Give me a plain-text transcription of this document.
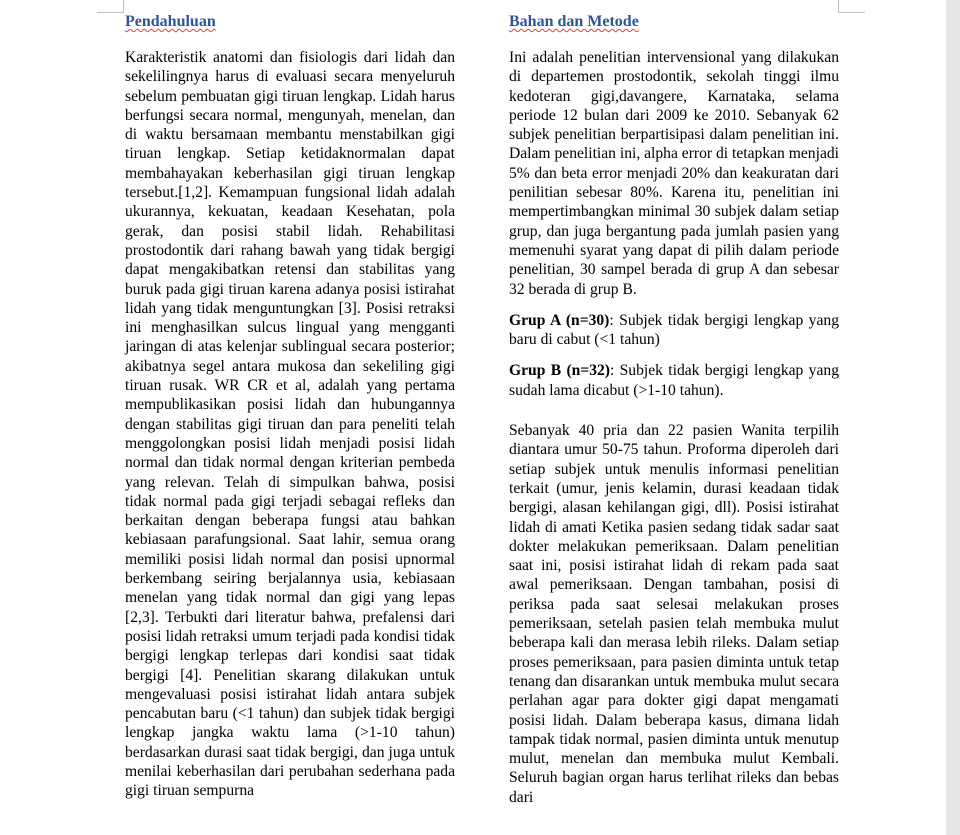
Pendahuluan

Karakteristik anatomi dan fisiologis dari lidah dan sekelilingnya harus di evaluasi secara menyeluruh sebelum pembuatan gigi tiruan lengkap. Lidah harus berfungsi secara normal, mengunyah, menelan, dan di waktu bersamaan membantu menstabilkan gigi tiruan lengkap. Setiap ketidaknormalan dapat membahayakan keberhasilan gigi tiruan lengkap tersebut.[1,2]. Kemampuan fungsional lidah adalah ukurannya, kekuatan, keadaan Kesehatan, pola gerak, dan posisi stabil lidah. Rehabilitasi prostodontik dari rahang bawah yang tidak bergigi dapat mengakibatkan retensi dan stabilitas yang buruk pada gigi tiruan karena adanya posisi istirahat lidah yang tidak menguntungkan [3]. Posisi retraksi ini menghasilkan sulcus lingual yang mengganti jaringan di atas kelenjar sublingual secara posterior; akibatnya segel antara mukosa dan sekeliling gigi tiruan rusak. WR CR et al, adalah yang pertama mempublikasikan posisi lidah dan hubungannya dengan stabilitas gigi tiruan dan para peneliti telah menggolongkan posisi lidah menjadi posisi lidah normal dan tidak normal dengan kriterian pembeda yang relevan. Telah di simpulkan bahwa, posisi tidak normal pada gigi terjadi sebagai refleks dan berkaitan dengan beberapa fungsi atau bahkan kebiasaan parafungsional. Saat lahir, semua orang memiliki posisi lidah normal dan posisi upnormal berkembang seiring berjalannya usia, kebiasaan menelan yang tidak normal dan gigi yang lepas [2,3]. Terbukti dari literatur bahwa, prefalensi dari posisi lidah retraksi umum terjadi pada kondisi tidak bergigi lengkap terlepas dari kondisi saat tidak bergigi [4]. Penelitian skarang dilakukan untuk mengevaluasi posisi istirahat lidah antara subjek pencabutan baru (<1 tahun) dan subjek tidak bergigi lengkap jangka waktu lama (>1-10 tahun) berdasarkan durasi saat tidak bergigi, dan juga untuk menilai keberhasilan dari perubahan sederhana pada gigi tiruan sempurna

Bahan dan Metode

Ini adalah penelitian intervensional yang dilakukan di departemen prostodontik, sekolah tinggi ilmu kedoteran gigi,davangere, Karnataka, selama periode 12 bulan dari 2009 ke 2010. Sebanyak 62 subjek penelitian berpartisipasi dalam penelitian ini. Dalam penelitian ini, alpha error di tetapkan menjadi 5% dan beta error menjadi 20% dan keakuratan dari penilitian sebesar 80%. Karena itu, penelitian ini mempertimbangkan minimal 30 subjek dalam setiap grup, dan juga bergantung pada jumlah pasien yang memenuhi syarat yang dapat di pilih dalam periode penelitian, 30 sampel berada di grup A dan sebesar 32 berada di grup B.

Grup A (n=30): Subjek tidak bergigi lengkap yang baru di cabut (<1 tahun)

Grup B (n=32): Subjek tidak bergigi lengkap yang sudah lama dicabut (>1-10 tahun).

Sebanyak 40 pria dan 22 pasien Wanita terpilih diantara umur 50-75 tahun. Proforma diperoleh dari setiap subjek untuk menulis informasi penelitian terkait (umur, jenis kelamin, durasi keadaan tidak bergigi, alasan kehilangan gigi, dll). Posisi istirahat lidah di amati Ketika pasien sedang tidak sadar saat dokter melakukan pemeriksaan. Dalam penelitian saat ini, posisi istirahat lidah di rekam pada saat awal pemeriksaan. Dengan tambahan, posisi di periksa pada saat selesai melakukan proses pemeriksaan, setelah pasien telah membuka mulut beberapa kali dan merasa lebih rileks. Dalam setiap proses pemeriksaan, para pasien diminta untuk tetap tenang dan disarankan untuk membuka mulut secara perlahan agar para dokter gigi dapat mengamati posisi lidah. Dalam beberapa kasus, dimana lidah tampak tidak normal, pasien diminta untuk menutup mulut, menelan dan membuka mulut Kembali. Seluruh bagian organ harus terlihat rileks dan bebas dari
